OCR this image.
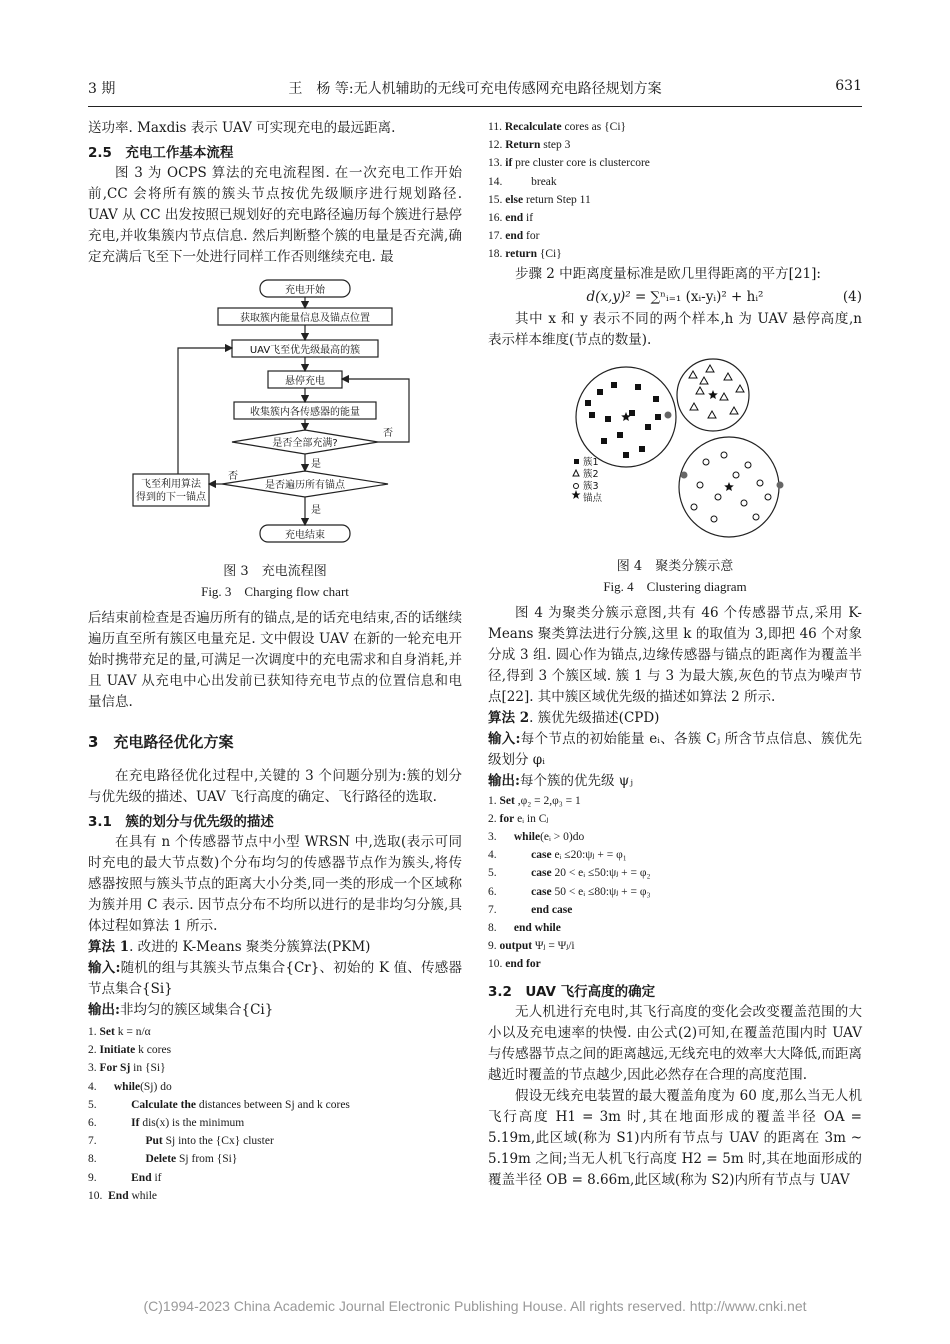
3 期	王　杨 等:无人机辅助的无线可充电传感网充电路径规划方案	631

送功率. Maxdis 表示 UAV 可实现充电的最远距离.

2.5　充电工作基本流程

图 3 为 OCPS 算法的充电流程图. 在一次充电工作开始前,CC 会将所有簇的簇头节点按优先级顺序进行规划路径. UAV 从 CC 出发按照已规划好的充电路径遍历每个簇进行悬停充电,并收集簇内节点信息. 然后判断整个簇的电量是否充满,确定充满后飞至下一处进行同样工作否则继续充电. 最

充电开始
获取簇内能量信息及锚点位置
UAV飞至优先级最高的簇
悬停充电
收集簇内各传感器的能量
是否全部充满?
是否遍历所有锚点
飞至利用算法
得到的下一锚点
充电结束
是
是
否
否
图 3　充电流程图
Fig. 3　Charging flow chart

后结束前检查是否遍历所有的锚点,是的话充电结束,否的话继续遍历直至所有簇区电量充足. 文中假设 UAV 在新的一轮充电开始时携带充足的量,可满足一次调度中的充电需求和自身消耗,并且 UAV 从充电中心出发前已获知待充电节点的位置信息和电量信息.

3　充电路径优化方案

在充电路径优化过程中,关键的 3 个问题分别为:簇的划分与优先级的描述、UAV 飞行高度的确定、飞行路径的选取.

3.1　簇的划分与优先级的描述

在具有 n 个传感器节点中小型 WRSN 中,选取(表示可同时充电的最大节点数)个分布均匀的传感器节点作为簇头,将传感器按照与簇头节点的距离大小分类,同一类的形成一个区域称为簇并用 C 表示. 因节点分布不均所以进行的是非均匀分簇,具体过程如算法 1 所示.

算法 1. 改进的 K-Means 聚类分簇算法(PKM)

输入:随机的组与其簇头节点集合{Cr}、初始的 K 值、传感器节点集合{Si}

输出:非均匀的簇区域集合{Ci}

1. Set k = n/α
2. Initiate k cores
3. For Sj in {Si}
4.      while(Sj) do
5.            Calculate the distances between Sj and k cores
6.            If dis(x) is the minimum
7.                 Put Sj into the {Cx} cluster
8.                 Delete Sj from {Si}
9.            End if
10.  End while
11. Recalculate cores as {Ci}
12. Return step 3
13. if pre cluster core is clustercore
14.          break
15. else return Step 11
16. end if
17. end for
18. return {Ci}

步骤 2 中距离度量标准是欧几里得距离的平方[21]:

d(x,y)² = ∑ⁿᵢ₌₁ (xᵢ-yᵢ)² + hᵢ²	(4)

其中 x 和 y 表示不同的两个样本,h 为 UAV 悬停高度,n 表示样本维度(节点的数量).

簇1
簇2
簇3
锚点
图 4　聚类分簇示意
Fig. 4　Clustering diagram

图 4 为聚类分簇示意图,共有 46 个传感器节点,采用 K-Means 聚类算法进行分簇,这里 k 的取值为 3,即把 46 个对象分成 3 组. 圆心作为锚点,边缘传感器与锚点的距离作为覆盖半径,得到 3 个簇区域. 簇 1 与 3 为最大簇,灰色的节点为噪声节点[22]. 其中簇区域优先级的描述如算法 2 所示.

算法 2. 簇优先级描述(CPD)

输入:每个节点的初始能量 eᵢ、各簇 Cⱼ 所含节点信息、簇优先级划分 φᵢ

输出:每个簇的优先级 ψⱼ

1. Set ,φ₂ = 2,φ₃ = 1
2. for eᵢ in Cⱼ
3.      while(eᵢ > 0)do
4.            case eᵢ ≤20:ψⱼ + = φ₁
5.            case 20 < eᵢ ≤50:ψⱼ + = φ₂
6.            case 50 < eᵢ ≤80:ψⱼ + = φ₃
7.            end case
8.      end while
9. output Ψⱼ = Ψⱼ/i
10. end for
3.2　UAV 飞行高度的确定

无人机进行充电时,其飞行高度的变化会改变覆盖范围的大小以及充电速率的快慢. 由公式(2)可知,在覆盖范围内时 UAV 与传感器节点之间的距离越远,无线充电的效率大大降低,而距离越近时覆盖的节点越少,因此必然存在合理的高度范围.

假设无线充电装置的最大覆盖角度为 60 度,那么当无人机飞行高度 H1 = 3m 时,其在地面形成的覆盖半径 OA = 5.19m,此区域(称为 S1)内所有节点与 UAV 的距离在 3m ~ 5.19m 之间;当无人机飞行高度 H2 = 5m 时,其在地面形成的覆盖半径 OB = 8.66m,此区域(称为 S2)内所有节点与 UAV

(C)1994-2023 China Academic Journal Electronic Publishing House. All rights reserved. http://www.cnki.net
